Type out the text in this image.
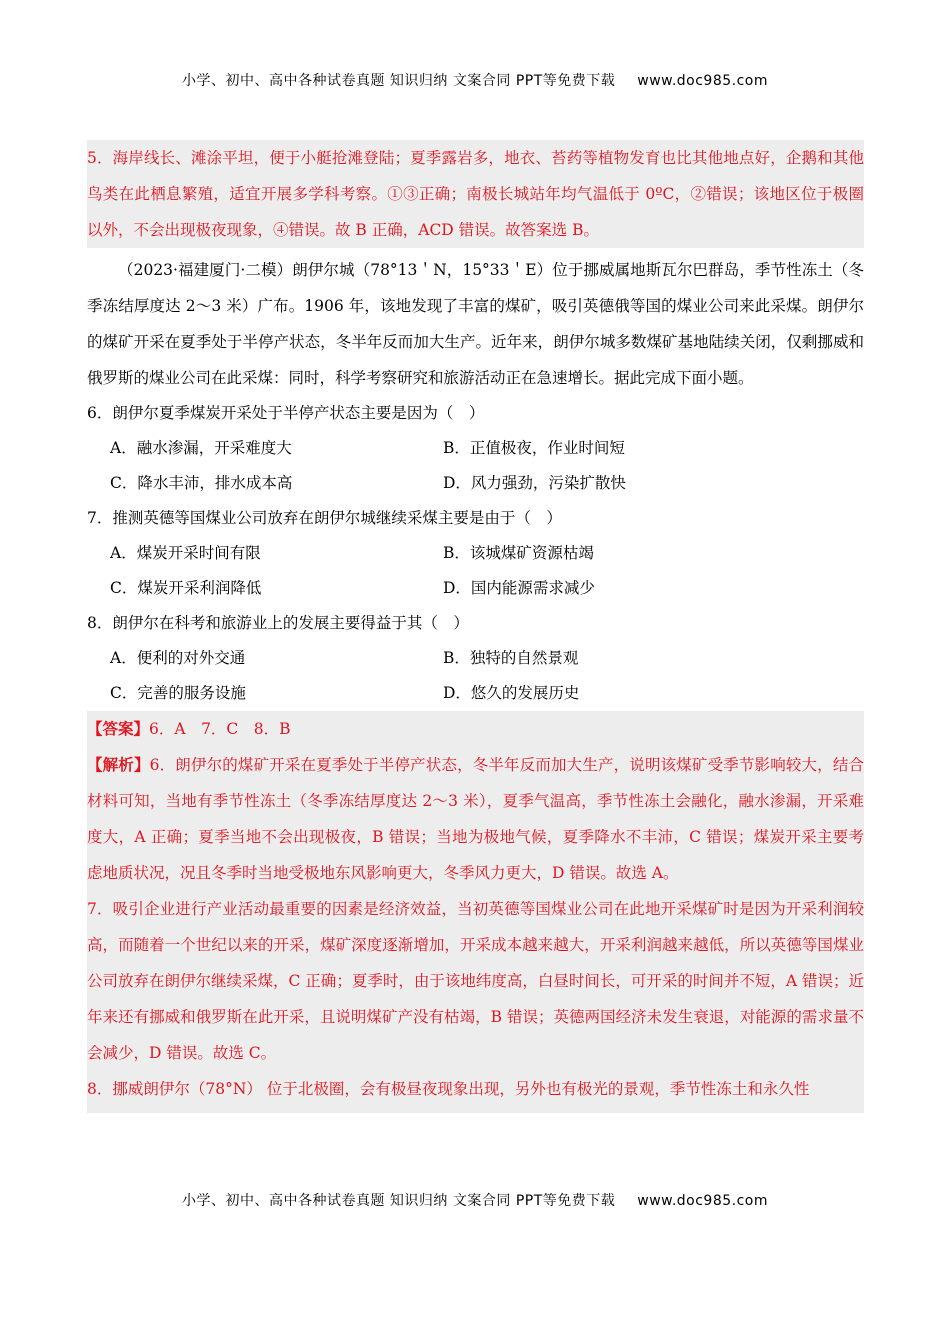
小学、初中、高中各种试卷真题 知识归纳 文案合同 PPT等免费下载 www.doc985.com

5．海岸线长、滩涂平坦，便于小艇抢滩登陆；夏季露岩多，地衣、苔药等植物发育也比其他地点好，企鹅和其他鸟类在此栖息繁殖，适宜开展多学科考察。①③正确；南极长城站年均气温低于 0ºC，②错误；该地区位于极圈以外，不会出现极夜现象，④错误。故 B 正确，ACD 错误。故答案选 B。

（2023·福建厦门·二模）朗伊尔城（78°13＇N，15°33＇E）位于挪威属地斯瓦尔巴群岛，季节性冻土（冬季冻结厚度达 2～3 米）广布。1906 年，该地发现了丰富的煤矿，吸引英德俄等国的煤业公司来此采煤。朗伊尔的煤矿开采在夏季处于半停产状态，冬半年反而加大生产。近年来，朗伊尔城多数煤矿基地陆续关闭，仅剩挪威和俄罗斯的煤业公司在此采煤：同时，科学考察研究和旅游活动正在急速增长。据此完成下面小题。

6．朗伊尔夏季煤炭开采处于半停产状态主要是因为（　）

A．融水渗漏，开采难度大	B．正值极夜，作业时间短
C．降水丰沛，排水成本高	D．风力强劲，污染扩散快

7．推测英德等国煤业公司放弃在朗伊尔城继续采煤主要是由于（　）

A．煤炭开采时间有限	B．该城煤矿资源枯竭
C．煤炭开采利润降低	D．国内能源需求减少

8．朗伊尔在科考和旅游业上的发展主要得益于其（　）

A．便利的对外交通	B．独特的自然景观
C．完善的服务设施	D．悠久的发展历史

【答案】6．A　7．C　8．B

【解析】6．朗伊尔的煤矿开采在夏季处于半停产状态，冬半年反而加大生产，说明该煤矿受季节影响较大，结合材料可知，当地有季节性冻土（冬季冻结厚度达 2～3 米），夏季气温高，季节性冻土会融化，融水渗漏，开采难度大，A 正确；夏季当地不会出现极夜，B 错误；当地为极地气候，夏季降水不丰沛，C 错误；煤炭开采主要考虑地质状况，况且冬季时当地受极地东风影响更大，冬季风力更大，D 错误。故选 A。

7．吸引企业进行产业活动最重要的因素是经济效益，当初英德等国煤业公司在此地开采煤矿时是因为开采利润较高，而随着一个世纪以来的开采，煤矿深度逐渐增加，开采成本越来越大，开采利润越来越低，所以英德等国煤业公司放弃在朗伊尔继续采煤，C 正确；夏季时，由于该地纬度高，白昼时间长，可开采的时间并不短，A 错误；近年来还有挪威和俄罗斯在此开采，且说明煤矿产没有枯竭，B 错误；英德两国经济未发生衰退，对能源的需求量不会减少，D 错误。故选 C。

8．挪威朗伊尔（78°N） 位于北极圈，会有极昼夜现象出现，另外也有极光的景观，季节性冻土和永久性

小学、初中、高中各种试卷真题 知识归纳 文案合同 PPT等免费下载 www.doc985.com
